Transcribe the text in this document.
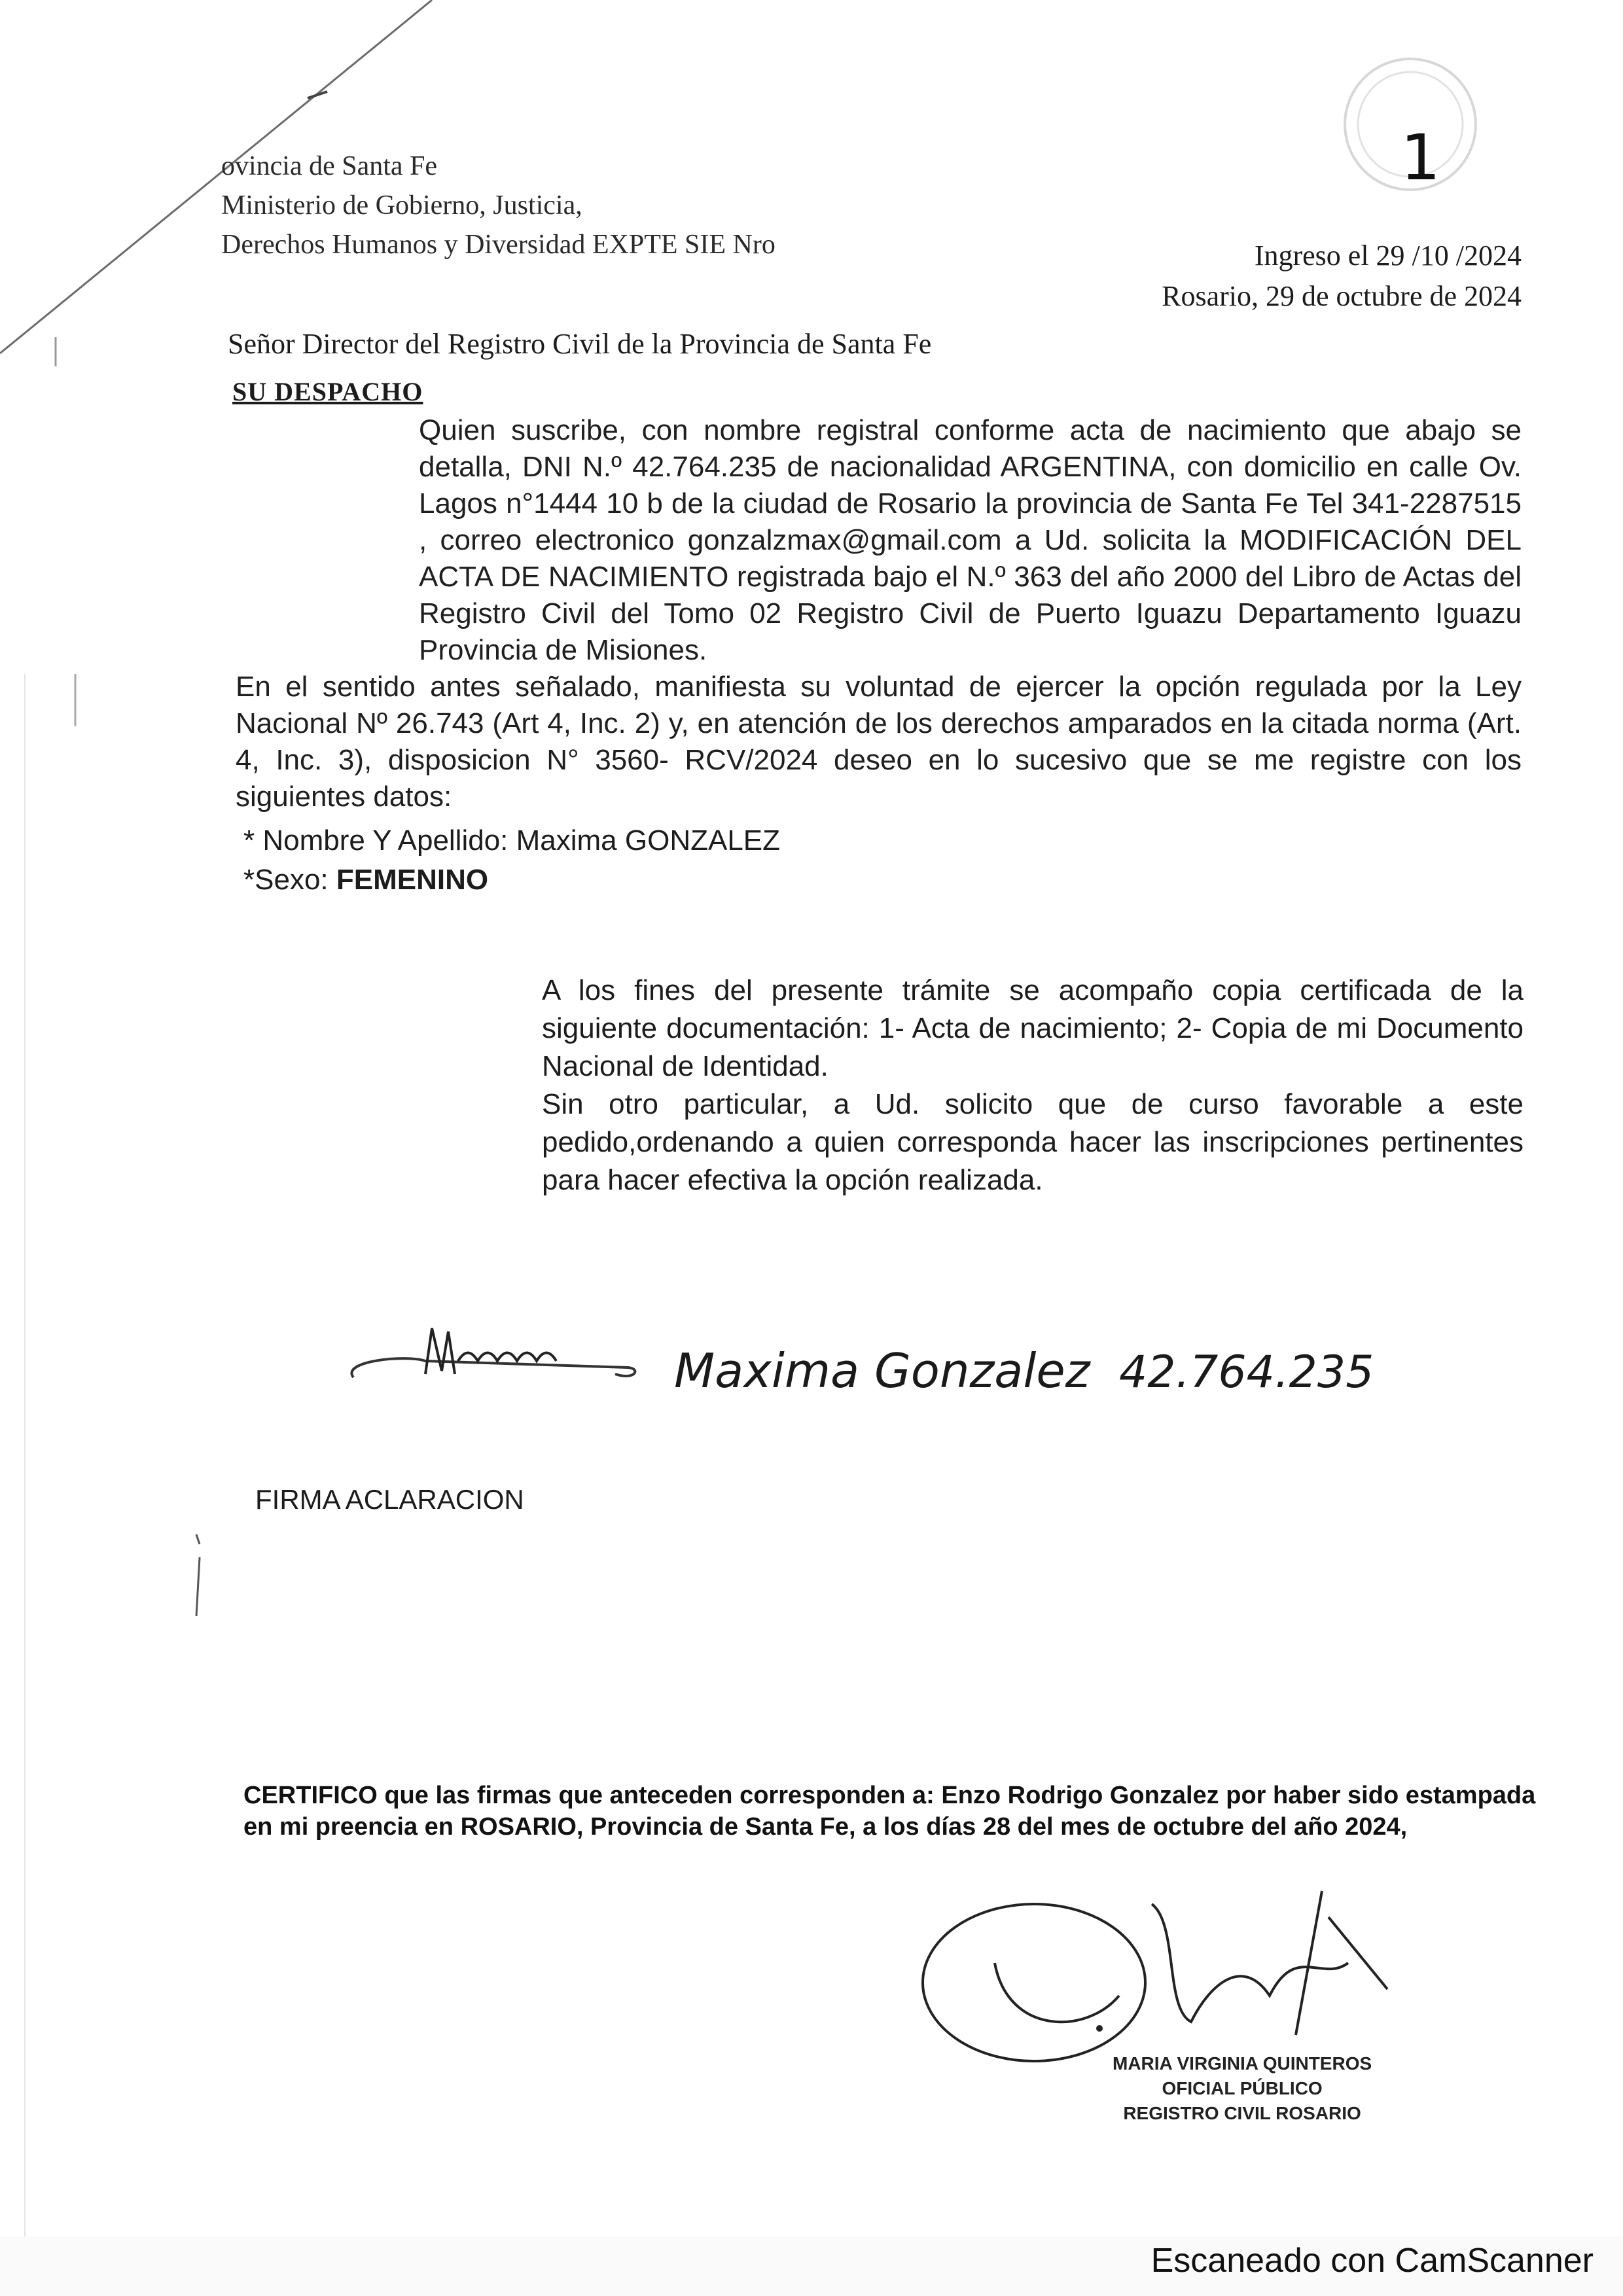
ovincia de Santa Fe
Ministerio de Gobierno, Justicia,
Derechos Humanos y Diversidad EXPTE SIE Nro
1
Ingreso el 29 /10 /2024
Rosario, 29 de octubre de 2024
Señor Director del Registro Civil de la Provincia de Santa Fe
SU DESPACHO

Quien suscribe, con nombre registral conforme acta de nacimiento que abajo se detalla, DNI N.º 42.764.235 de nacionalidad ARGENTINA, con domicilio en calle Ov. Lagos n°1444 10 b de la ciudad de Rosario la provincia de Santa Fe Tel 341-2287515 , correo electronico gonzalzmax@gmail.com a Ud. solicita la MODIFICACIÓN DEL ACTA DE NACIMIENTO registrada bajo el N.º 363 del año 2000 del Libro de Actas del Registro Civil del Tomo 02 Registro Civil de Puerto Iguazu Departamento Iguazu Provincia de Misiones.

En el sentido antes señalado, manifiesta su voluntad de ejercer la opción regulada por la Ley Nacional Nº 26.743 (Art 4, Inc. 2) y, en atención de los derechos amparados en la citada norma (Art. 4, Inc. 3), disposicion N° 3560- RCV/2024 deseo en lo sucesivo que se me registre con los siguientes datos:

* Nombre Y Apellido: Maxima GONZALEZ
*Sexo: FEMENINO

A los fines del presente trámite se acompaño copia certificada de la siguiente documentación: 1- Acta de nacimiento; 2- Copia de mi Documento Nacional de Identidad.

Sin otro particular, a Ud. solicito que de curso favorable a este pedido,ordenando a quien corresponda hacer las inscripciones pertinentes para hacer efectiva la opción realizada.

Maxima Gonzalez 42.764.235
FIRMA ACLARACION
CERTIFICO que las firmas que anteceden corresponden a: Enzo Rodrigo Gonzalez por haber sido estampada en mi preencia en ROSARIO, Provincia de Santa Fe, a los días 28 del mes de octubre del año 2024,
MARIA VIRGINIA QUINTEROS
OFICIAL PÚBLICO
REGISTRO CIVIL ROSARIO
Escaneado con CamScanner
